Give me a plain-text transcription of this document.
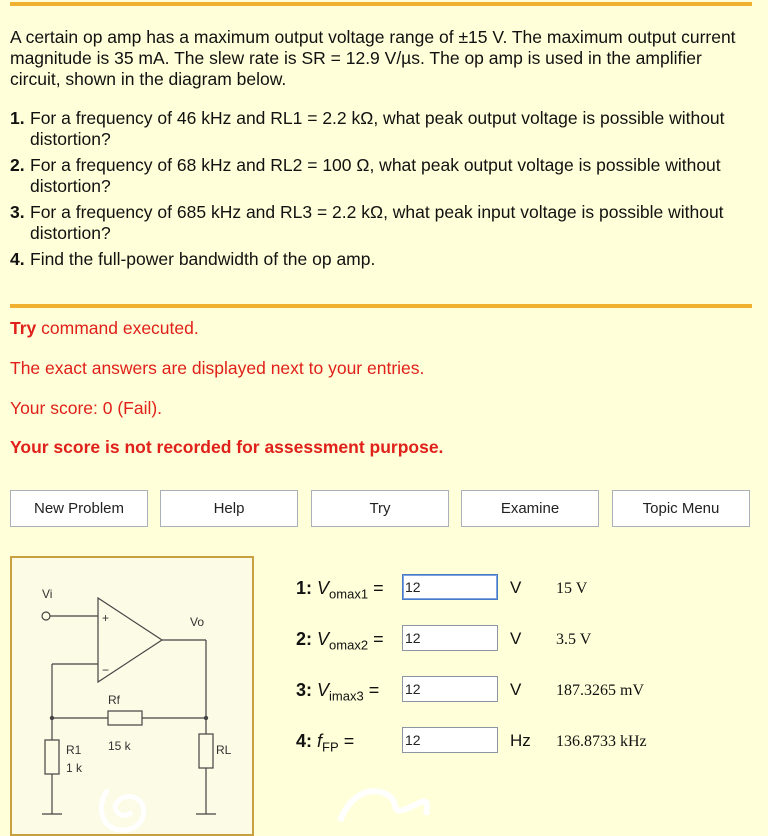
A certain op amp has a maximum output voltage range of ±15 V. The maximum output current magnitude is 35 mA. The slew rate is SR = 12.9 V/µs. The op amp is used in the amplifier circuit, shown in the diagram below.

1. For a frequency of 46 kHz and RL1 = 2.2 kΩ, what peak output voltage is possible without distortion?
2. For a frequency of 68 kHz and RL2 = 100 Ω, what peak output voltage is possible without distortion?
3. For a frequency of 685 kHz and RL3 = 2.2 kΩ, what peak input voltage is possible without distortion?
4. Find the full-power bandwidth of the op amp.
Try command executed.
The exact answers are displayed next to your entries.
Your score: 0 (Fail).
Your score is not recorded for assessment purpose.
New Problem	Help	Try	Examine	Topic Menu
Vi
Vo
+
−
Rf
15 k
R1
1 k
RL
1: $V_{omax1}$ =
12	V 15 V
2: $V_{omax2}$ =
12	V 3.5 V
3: $V_{imax3}$ =
12	V 187.3265 mV
4: $f_{FP}$ =
12	Hz 136.8733 kHz
